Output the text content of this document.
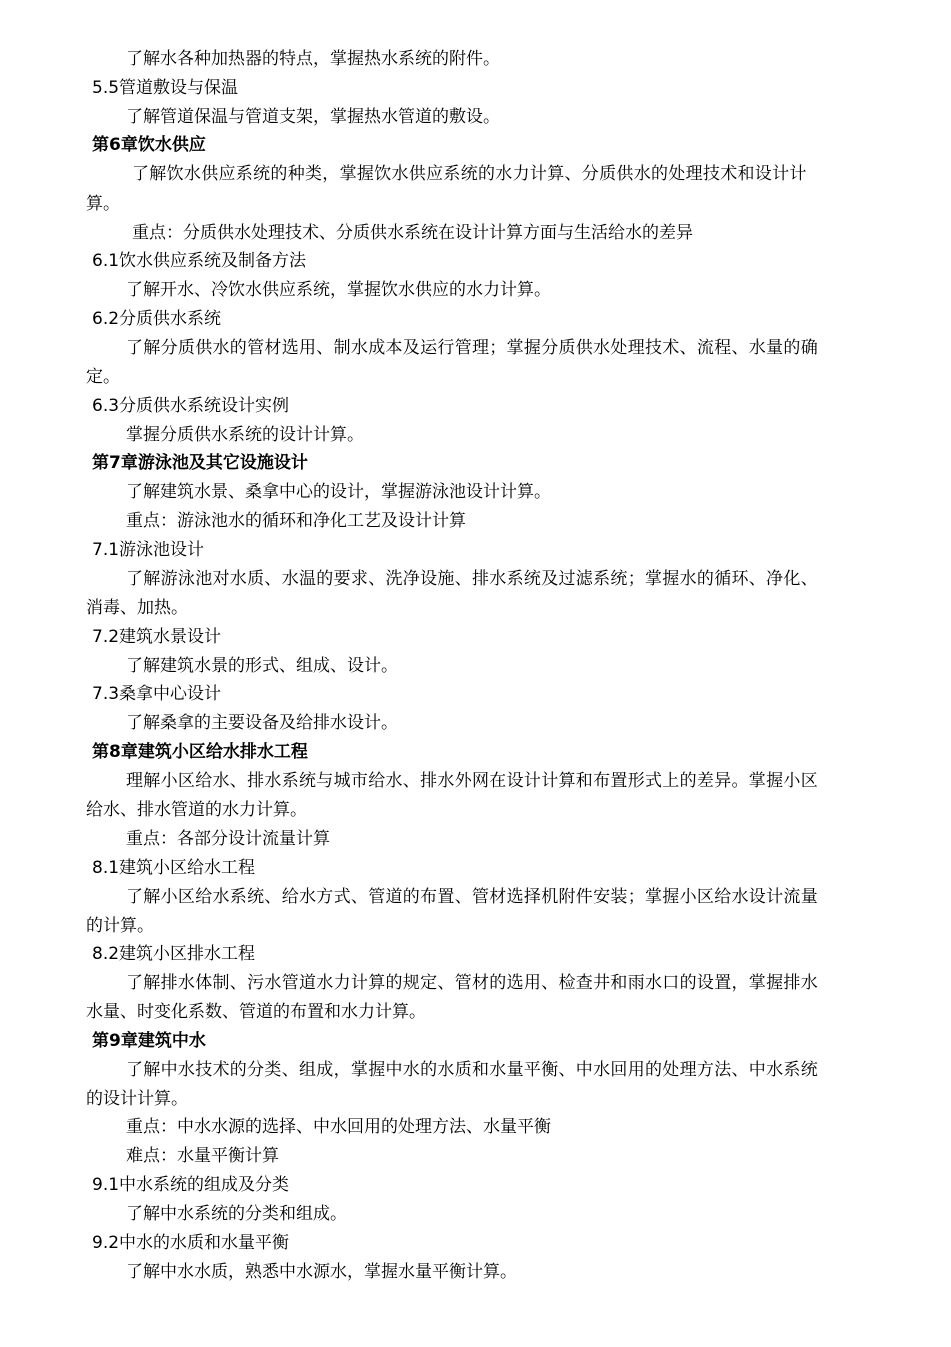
了解水各种加热器的特点，掌握热水系统的附件。
5.5管道敷设与保温
了解管道保温与管道支架，掌握热水管道的敷设。
第6章饮水供应
了解饮水供应系统的种类，掌握饮水供应系统的水力计算、分质供水的处理技术和设计计
算。
重点：分质供水处理技术、分质供水系统在设计计算方面与生活给水的差异
6.1饮水供应系统及制备方法
了解开水、冷饮水供应系统，掌握饮水供应的水力计算。
6.2分质供水系统
了解分质供水的管材选用、制水成本及运行管理；掌握分质供水处理技术、流程、水量的确
定。
6.3分质供水系统设计实例
掌握分质供水系统的设计计算。
第7章游泳池及其它设施设计
了解建筑水景、桑拿中心的设计，掌握游泳池设计计算。
重点：游泳池水的循环和净化工艺及设计计算
7.1游泳池设计
了解游泳池对水质、水温的要求、洗净设施、排水系统及过滤系统；掌握水的循环、净化、
消毒、加热。
7.2建筑水景设计
了解建筑水景的形式、组成、设计。
7.3桑拿中心设计
了解桑拿的主要设备及给排水设计。
第8章建筑小区给水排水工程
理解小区给水、排水系统与城市给水、排水外网在设计计算和布置形式上的差异。掌握小区
给水、排水管道的水力计算。
重点：各部分设计流量计算
8.1建筑小区给水工程
了解小区给水系统、给水方式、管道的布置、管材选择机附件安装；掌握小区给水设计流量
的计算。
8.2建筑小区排水工程
了解排水体制、污水管道水力计算的规定、管材的选用、检查井和雨水口的设置，掌握排水
水量、时变化系数、管道的布置和水力计算。
第9章建筑中水
了解中水技术的分类、组成，掌握中水的水质和水量平衡、中水回用的处理方法、中水系统
的设计计算。
重点：中水水源的选择、中水回用的处理方法、水量平衡
难点：水量平衡计算
9.1中水系统的组成及分类
了解中水系统的分类和组成。
9.2中水的水质和水量平衡
了解中水水质，熟悉中水源水，掌握水量平衡计算。
